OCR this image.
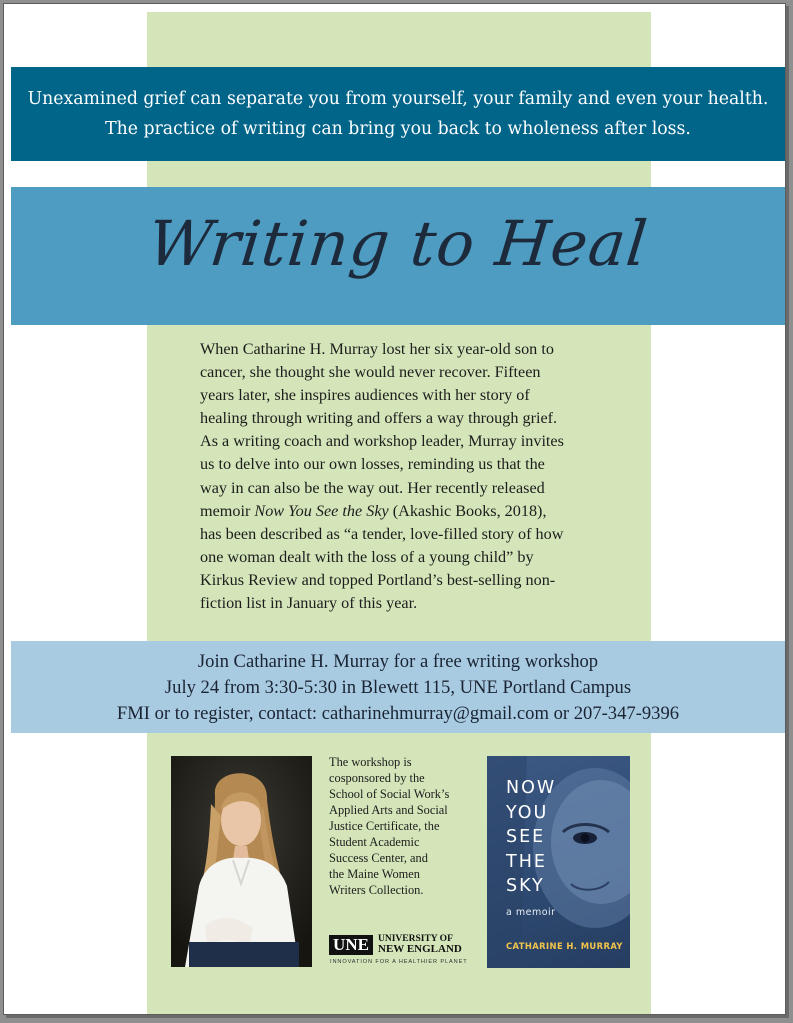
Unexamined grief can separate you from yourself, your family and even your health.
The practice of writing can bring you back to wholeness after loss.
Writing to Heal
When Catharine H. Murray lost her six year-old son to
cancer, she thought she would never recover. Fifteen
years later, she inspires audiences with her story of
healing through writing and offers a way through grief.
As a writing coach and workshop leader, Murray invites
us to delve into our own losses, reminding us that the
way in can also be the way out. Her recently released
memoir Now You See the Sky (Akashic Books, 2018),
has been described as “a tender, love-filled story of how
one woman dealt with the loss of a young child” by
Kirkus Review and topped Portland’s best-selling non-
fiction list in January of this year.
Join Catharine H. Murray for a free writing workshop
July 24 from 3:30-5:30 in Blewett 115, UNE Portland Campus
FMI or to register, contact: catharinehmurray@gmail.com or 207-347-9396
The workshop is
cosponsored by the
School of Social Work’s
Applied Arts and Social
Justice Certificate, the
Student Academic
Success Center, and
the Maine Women
Writers Collection.
UNE UNIVERSITY OF
NEW ENGLAND
INNOVATION FOR A HEALTHIER PLANET
NOW
YOU
SEE
THE
SKY
a memoir
CATHARINE H. MURRAY
